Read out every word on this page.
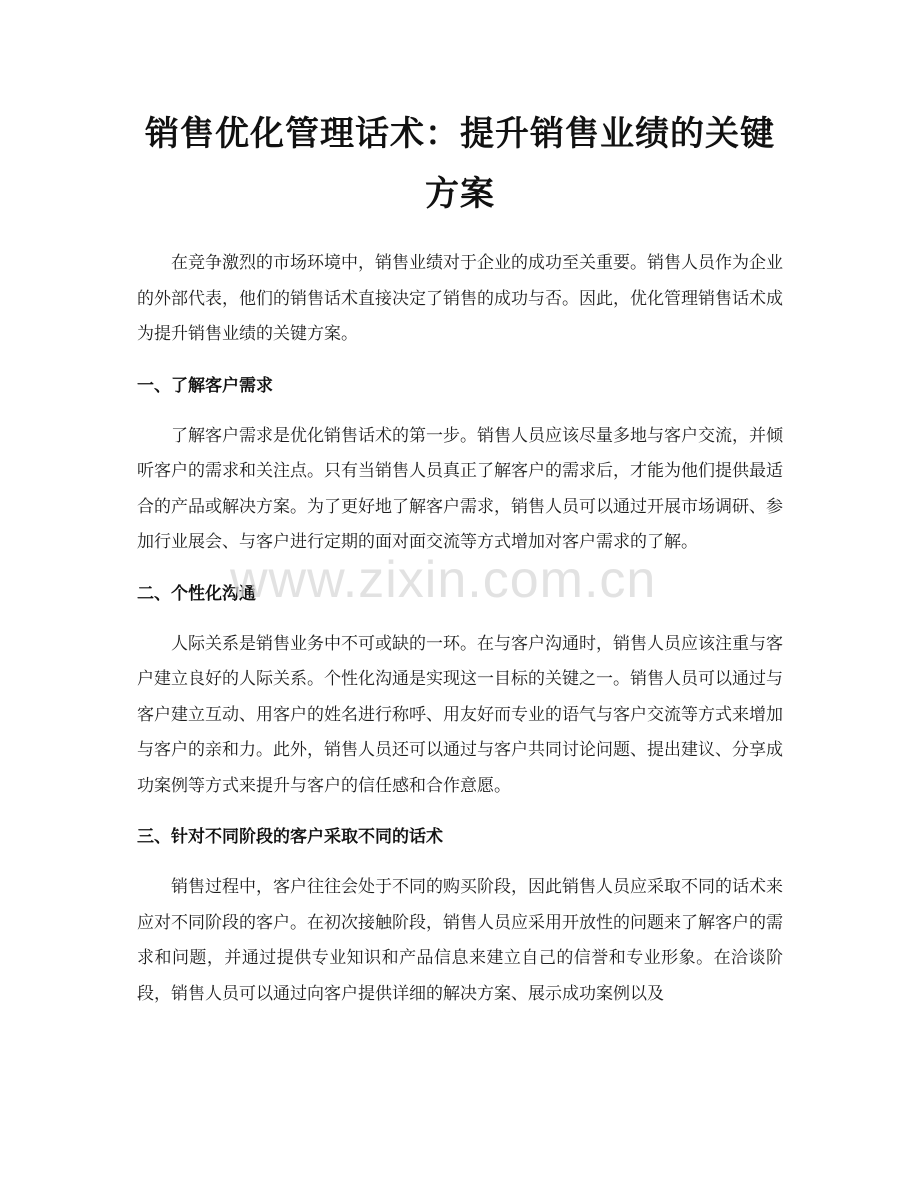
销售优化管理话术：提升销售业绩的关键方案

在竞争激烈的市场环境中，销售业绩对于企业的成功至关重要。销售人员作为企业的外部代表，他们的销售话术直接决定了销售的成功与否。因此，优化管理销售话术成为提升销售业绩的关键方案。

一、了解客户需求

了解客户需求是优化销售话术的第一步。销售人员应该尽量多地与客户交流，并倾听客户的需求和关注点。只有当销售人员真正了解客户的需求后，才能为他们提供最适合的产品或解决方案。为了更好地了解客户需求，销售人员可以通过开展市场调研、参加行业展会、与客户进行定期的面对面交流等方式增加对客户需求的了解。

二、个性化沟通

人际关系是销售业务中不可或缺的一环。在与客户沟通时，销售人员应该注重与客户建立良好的人际关系。个性化沟通是实现这一目标的关键之一。销售人员可以通过与客户建立互动、用客户的姓名进行称呼、用友好而专业的语气与客户交流等方式来增加与客户的亲和力。此外，销售人员还可以通过与客户共同讨论问题、提出建议、分享成功案例等方式来提升与客户的信任感和合作意愿。

三、针对不同阶段的客户采取不同的话术

销售过程中，客户往往会处于不同的购买阶段，因此销售人员应采取不同的话术来应对不同阶段的客户。在初次接触阶段，销售人员应采用开放性的问题来了解客户的需求和问题，并通过提供专业知识和产品信息来建立自己的信誉和专业形象。在洽谈阶段，销售人员可以通过向客户提供详细的解决方案、展示成功案例以及

www.zixin.com.cn
